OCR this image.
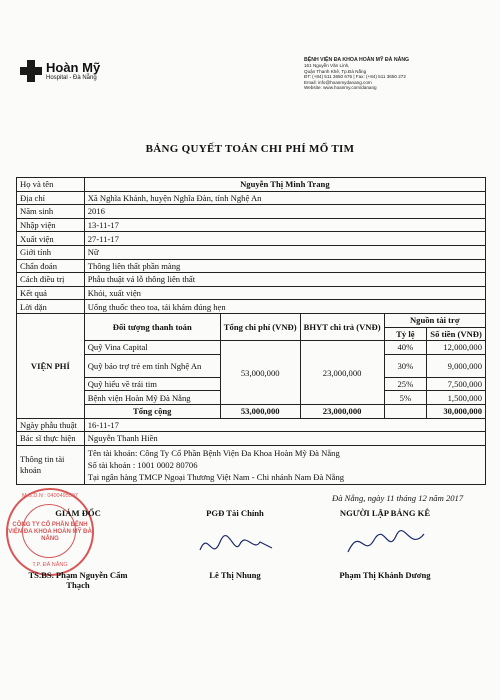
Hoàn Mỹ
Hospital - Đà Nẵng
BỆNH VIỆN ĐA KHOA HOÀN MỸ ĐÀ NẴNG
161 Nguyễn Văn Linh,
Quận Thanh Khê, Tp.Đà Nẵng
ĐT: (+84) 511 3650 676 | Fax: (+84) 511 3650 272
Email: info@hoanmydanang.com
Website: www.hoanmy.com/danang
BẢNG QUYẾT TOÁN CHI PHÍ MỔ TIM
Họ và tên	Nguyễn Thị Minh Trang				
Địa chỉ	Xã Nghĩa Khánh, huyện Nghĩa Đàn, tỉnh Nghệ An				
Năm sinh	2016				
Nhập viện	13-11-17				
Xuất viện	27-11-17				
Giới tính	Nữ				
Chẩn đoán	Thông liên thất phần màng				
Cách điều trị	Phẫu thuật vá lỗ thông liên thất				
Kết quả	Khỏi, xuất viện				
Lời dặn	Uống thuốc theo toa, tái khám đúng hẹn				
VIỆN PHÍ	Đối tượng thanh toán	Tổng chi phí (VNĐ)	BHYT chi trả (VNĐ)	Nguồn tài trợ	
				Tỷ lệ	Số tiền (VNĐ)
	Quỹ Vina Capital	53,000,000	23,000,000	40%	12,000,000
	Quỹ bảo trợ trẻ em tỉnh Nghệ An			30%	9,000,000
	Quỹ hiểu về trái tim			25%	7,500,000
	Bệnh viện Hoàn Mỹ Đà Nẵng			5%	1,500,000
	Tổng cộng	53,000,000	23,000,000		30,000,000
Ngày phẫu thuật	16-11-17				
Bác sĩ thực hiện	Nguyễn Thanh Hiền				
Thông tin tài khoản	Tên tài khoản: Công Ty Cổ Phần Bệnh Viện Đa Khoa Hoàn Mỹ Đà Nẵng
Số tài khoản : 1001 0002 80706
Tại ngân hàng TMCP Ngoại Thương Việt Nam - Chi nhánh Nam Đà Nẵng				
Đà Nẵng, ngày 11 tháng 12 năm 2017
M.S.D.N : 0400495597
CÔNG TY CỔ PHẦN BỆNH VIỆN ĐA KHOA HOÀN MỸ ĐÀ NẴNG
T.P. ĐÀ NẴNG
GIÁM ĐỐC
TS.BS. Phạm Nguyễn Cẩm Thạch
PGĐ Tài Chính
Lê Thị Nhung
NGƯỜI LẬP BẢNG KÊ
Phạm Thị Khánh Dương
